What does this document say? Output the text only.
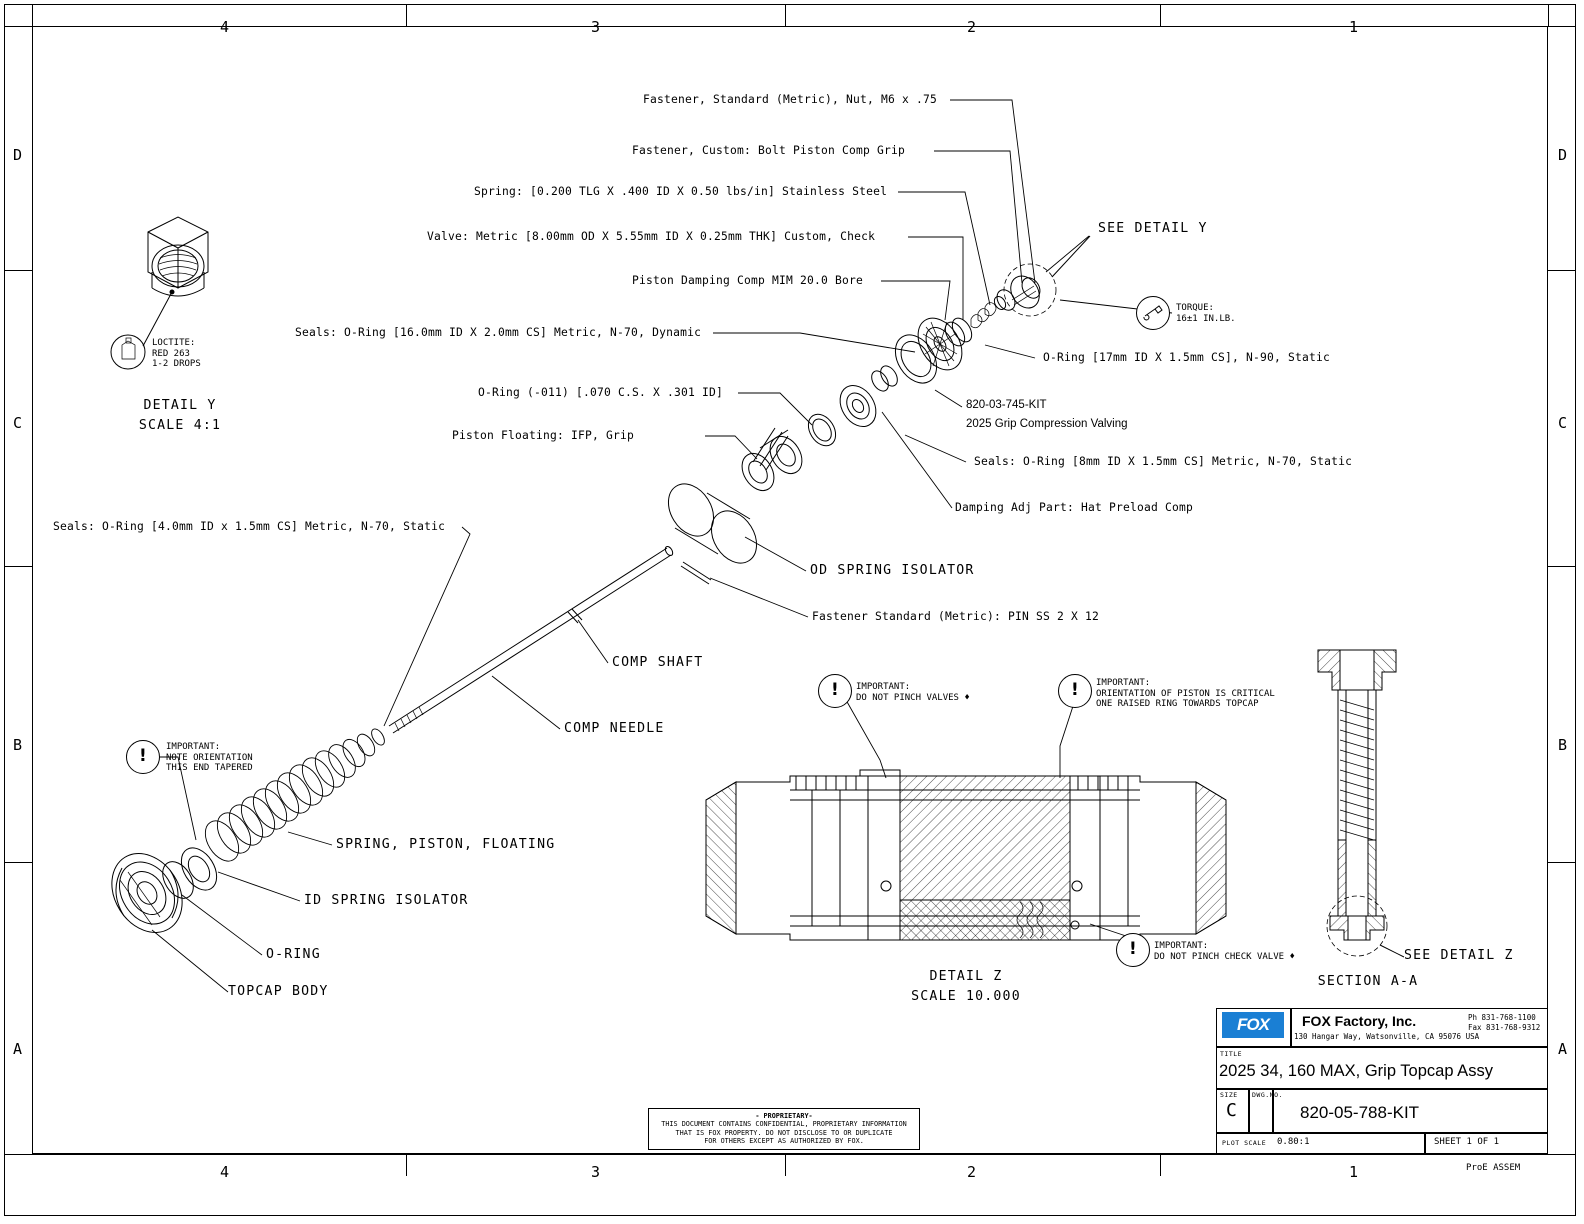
4	3	2	1
4	3	2	1
D
C
B
A
D
C
B
A
Fastener, Standard (Metric), Nut, M6 x .75
Fastener, Custom: Bolt Piston Comp Grip
Spring: [0.200 TLG X .400 ID X 0.50 lbs/in] Stainless Steel
Valve: Metric [8.00mm OD X 5.55mm ID X 0.25mm THK] Custom, Check
Piston Damping Comp MIM 20.0 Bore
Seals: O-Ring [16.0mm ID X 2.0mm CS] Metric, N-70, Dynamic
O-Ring (-011) [.070 C.S. X .301 ID]
Piston Floating: IFP, Grip
Seals: O-Ring [4.0mm ID x 1.5mm CS] Metric, N-70, Static
SEE DETAIL Y
O-Ring [17mm ID X 1.5mm CS], N-90, Static
820-03-745-KIT
2025 Grip Compression Valving
Seals: O-Ring [8mm ID X 1.5mm CS] Metric, N-70, Static
Damping Adj Part: Hat Preload Comp
OD SPRING ISOLATOR
Fastener Standard (Metric): PIN SS 2 X 12
COMP SHAFT
COMP NEEDLE
SPRING, PISTON, FLOATING
ID SPRING ISOLATOR
O-RING
TOPCAP BODY
DETAIL Y
SCALE 4:1
DETAIL Z
SCALE 10.000
SEE DETAIL Z
SECTION A-A
LOCTITE:
RED 263
1-2 DROPS
TORQUE:
16±1 IN.LB.
! IMPORTANT:
NOTE ORIENTATION
THIS END TAPERED
! IMPORTANT:
DO NOT PINCH VALVES ♦	! IMPORTANT:
ORIENTATION OF PISTON IS CRITICAL
ONE RAISED RING TOWARDS TOPCAP
! IMPORTANT:
DO NOT PINCH CHECK VALVE ♦
- PROPRIETARY-
THIS DOCUMENT CONTAINS CONFIDENTIAL, PROPRIETARY INFORMATION
THAT IS FOX PROPERTY. DO NOT DISCLOSE TO OR DUPLICATE
FOR OTHERS EXCEPT AS AUTHORIZED BY FOX.
FOX	FOX Factory, Inc.
130 Hangar Way, Watsonville, CA 95076 USA
Ph 831-768-1100
Fax 831-768-9312
TITLE
2025 34, 160 MAX, Grip Topcap Assy
SIZE
C
DWG.NO.
820-05-788-KIT
PLOT SCALE 0.80:1	SHEET 1 OF 1
ProE ASSEM
